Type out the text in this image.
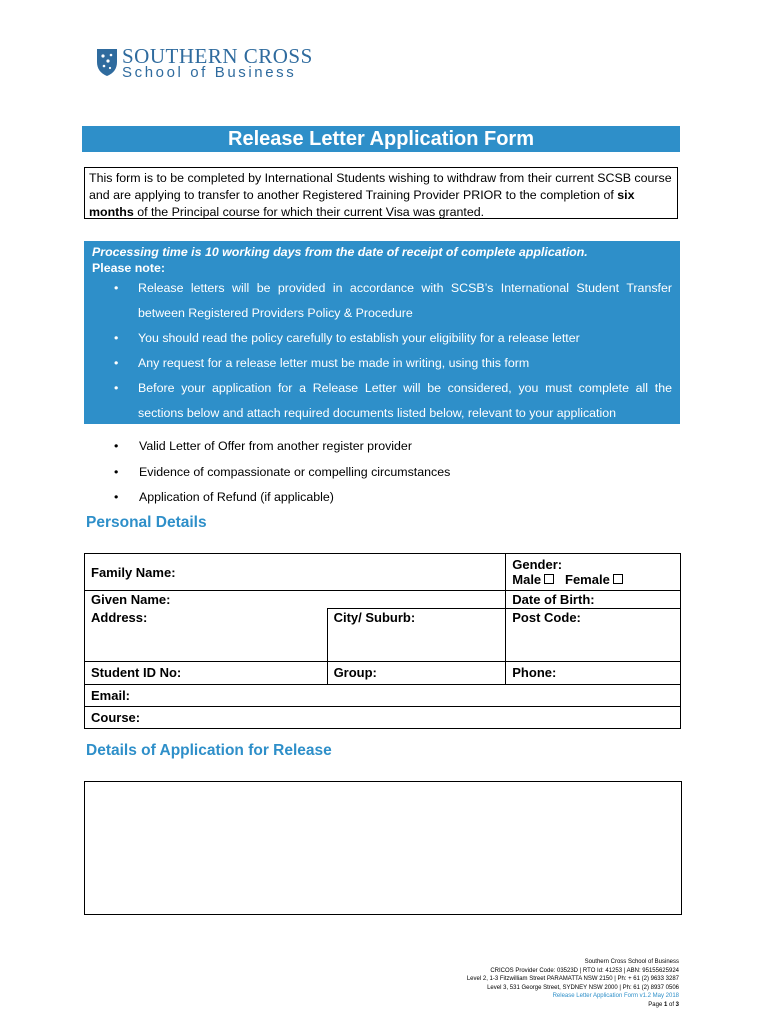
SOUTHERN CROSS
School of Business
Release Letter Application Form
This form is to be completed by International Students wishing to withdraw from their current SCSB course and are applying to transfer to another Registered Training Provider PRIOR to the completion of six months of the Principal course for which their current Visa was granted.
Processing time is 10 working days from the date of receipt of complete application.
Please note:
• Release letters will be provided in accordance with SCSB’s International Student Transfer between Registered Providers Policy & Procedure
• You should read the policy carefully to establish your eligibility for a release letter
• Any request for a release letter must be made in writing, using this form
• Before your application for a Release Letter will be considered, you must complete all the sections below and attach required documents listed below, relevant to your application
• Valid Letter of Offer from another register provider
• Evidence of compassionate or compelling circumstances
• Application of Refund (if applicable)
Personal Details
Family Name:		Gender:
Male Female

Given Name:		Date of Birth:
Address:	City/ Suburb:	Post Code:
Student ID No:	Group:	Phone:
Email:		
Course:		
Details of Application for Release
Southern Cross School of Business
CRICOS Provider Code: 03523D | RTO Id: 41253 | ABN: 95155625924
Level 2, 1-3 Fitzwilliam Street PARAMATTA NSW 2150 | Ph: + 61 (2) 9633 3287
Level 3, 531 George Street, SYDNEY NSW 2000 | Ph: 61 (2) 8937 0506
Release Letter Application Form v1.2 May 2018
Page 1 of 3
